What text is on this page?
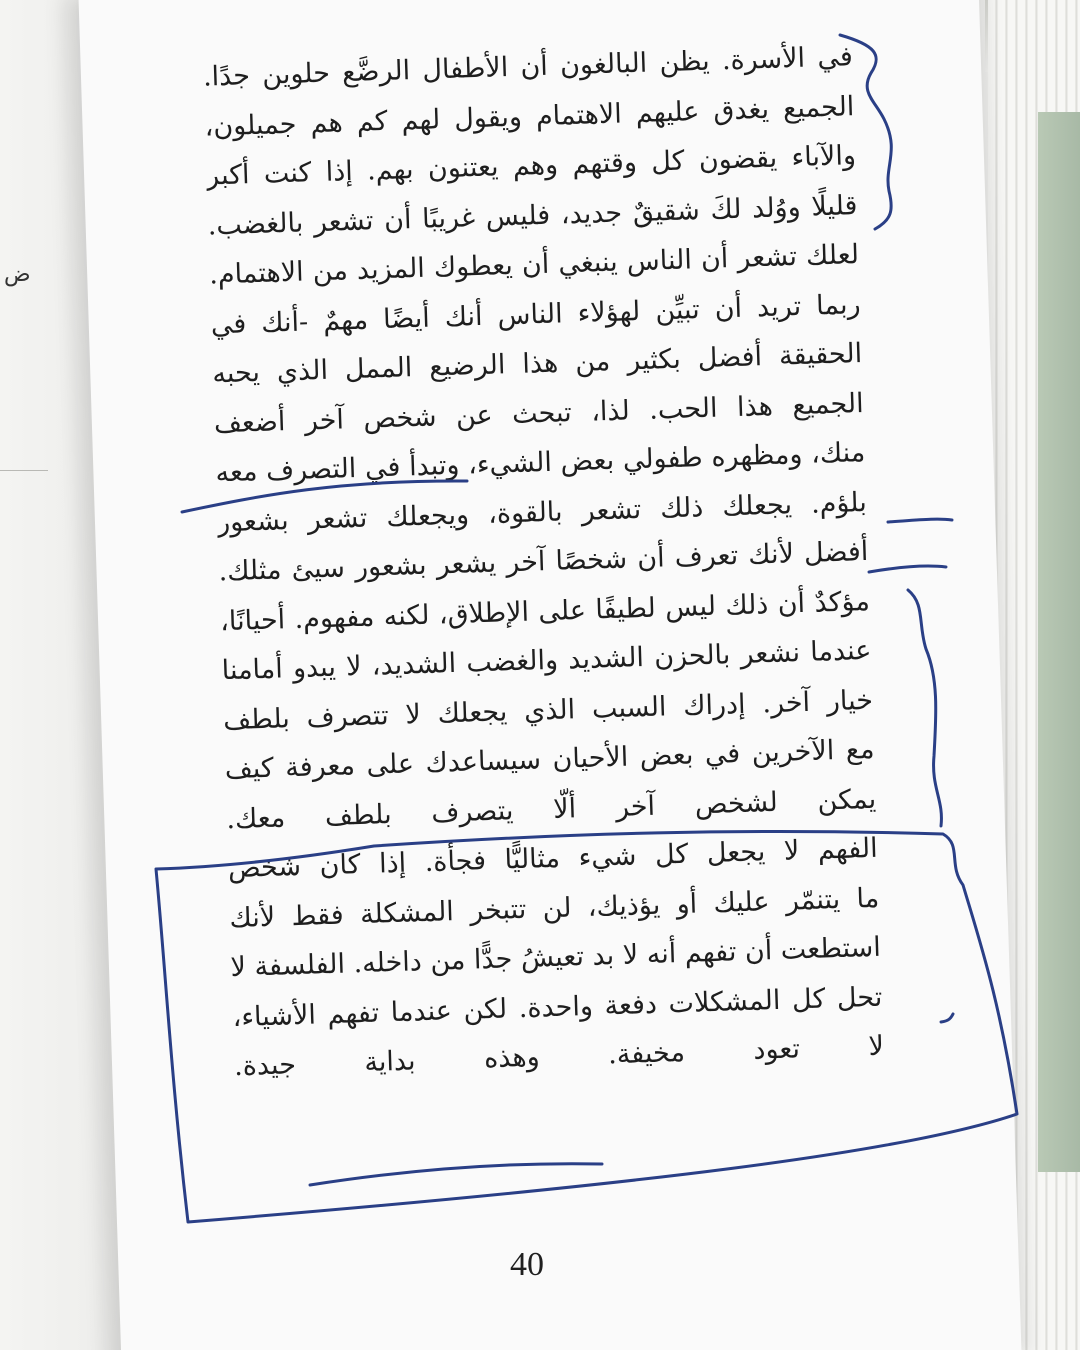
ض
في الأسرة. يظن البالغون أن الأطفال الرضَّع حلوين جدًا.
الجميع يغدق عليهم الاهتمام ويقول لهم كم هم جميلون،
والآباء يقضون كل وقتهم وهم يعتنون بهم. إذا كنت أكبر
قليلًا ووُلد لكَ شقيقٌ جديد، فليس غريبًا أن تشعر بالغضب.
لعلك تشعر أن الناس ينبغي أن يعطوك المزيد من الاهتمام.
ربما تريد أن تبيِّن لهؤلاء الناس أنك أيضًا مهمٌ -أنك في
الحقيقة أفضل بكثير من هذا الرضيع الممل الذي يحبه
الجميع هذا الحب. لذا، تبحث عن شخص آخر أضعف
منك، ومظهره طفولي بعض الشيء، وتبدأ في التصرف معه
بلؤم. يجعلك ذلك تشعر بالقوة، ويجعلك تشعر بشعور
أفضل لأنك تعرف أن شخصًا آخر يشعر بشعور سيئ مثلك.
مؤكدٌ أن ذلك ليس لطيفًا على الإطلاق، لكنه مفهوم. أحيانًا،
عندما نشعر بالحزن الشديد والغضب الشديد، لا يبدو أمامنا
خيار آخر. إدراك السبب الذي يجعلك لا تتصرف بلطف
مع الآخرين في بعض الأحيان سيساعدك على معرفة كيف
يمكن لشخص آخر ألّا يتصرف بلطف معك.
الفهم لا يجعل كل شيء مثاليًّا فجأة. إذا كان شخص
ما يتنمّر عليك أو يؤذيك، لن تتبخر المشكلة فقط لأنك
استطعت أن تفهم أنه لا بد تعيشُ جدًّا من داخله. الفلسفة لا
تحل كل المشكلات دفعة واحدة. لكن عندما تفهم الأشياء،
لا تعود مخيفة. وهذه بداية جيدة.
40
